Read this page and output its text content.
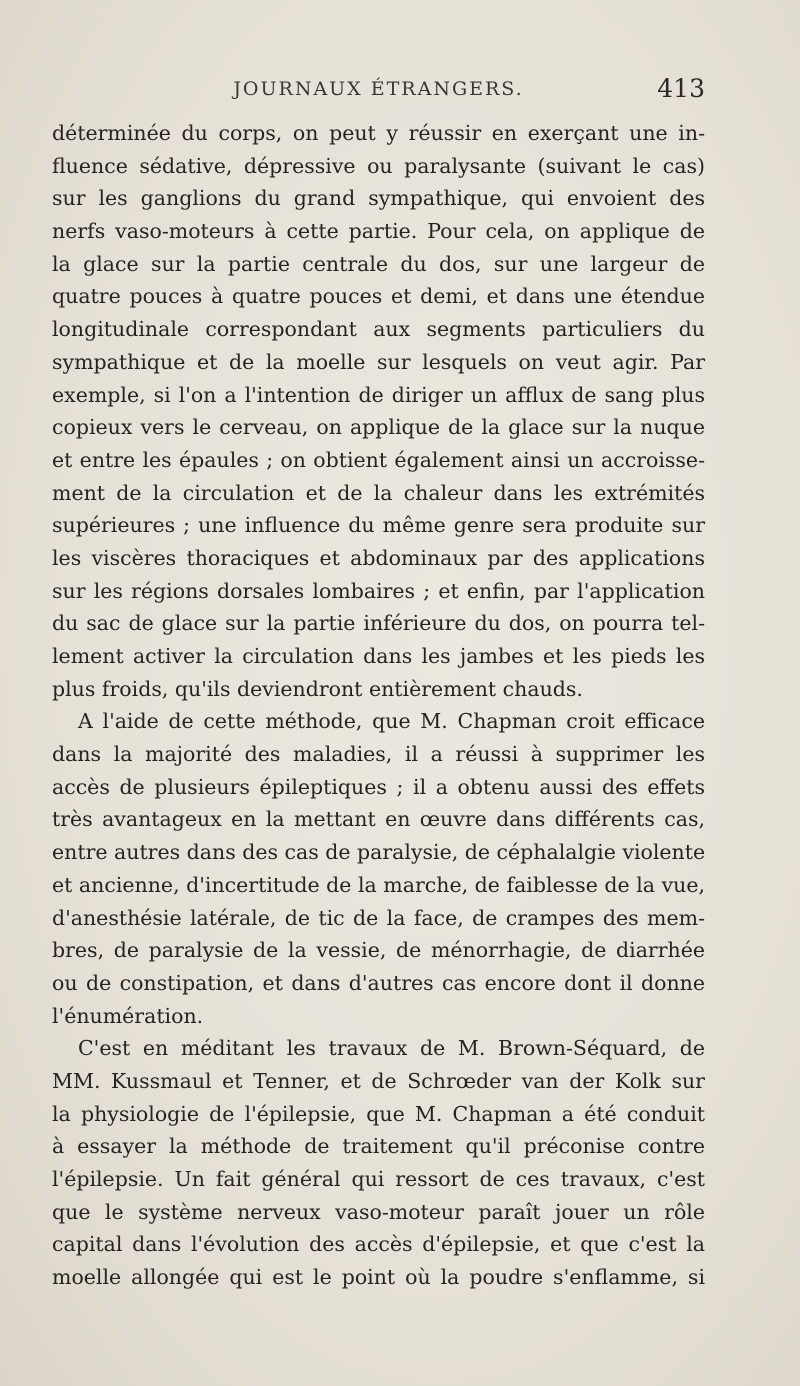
JOURNAUX ÉTRANGERS.	413
déterminée du corps, on peut y réussir en exerçant une in-
fluence sédative, dépressive ou paralysante (suivant le cas)
sur les ganglions du grand sympathique, qui envoient des
nerfs vaso-moteurs à cette partie. Pour cela, on applique de
la glace sur la partie centrale du dos, sur une largeur de
quatre pouces à quatre pouces et demi, et dans une étendue
longitudinale correspondant aux segments particuliers du
sympathique et de la moelle sur lesquels on veut agir. Par
exemple, si l'on a l'intention de diriger un afflux de sang plus
copieux vers le cerveau, on applique de la glace sur la nuque
et entre les épaules ; on obtient également ainsi un accroisse-
ment de la circulation et de la chaleur dans les extrémités
supérieures ; une influence du même genre sera produite sur
les viscères thoraciques et abdominaux par des applications
sur les régions dorsales lombaires ; et enfin, par l'application
du sac de glace sur la partie inférieure du dos, on pourra tel-
lement activer la circulation dans les jambes et les pieds les
plus froids, qu'ils deviendront entièrement chauds.
A l'aide de cette méthode, que M. Chapman croit efficace
dans la majorité des maladies, il a réussi à supprimer les
accès de plusieurs épileptiques ; il a obtenu aussi des effets
très avantageux en la mettant en œuvre dans différents cas,
entre autres dans des cas de paralysie, de céphalalgie violente
et ancienne, d'incertitude de la marche, de faiblesse de la vue,
d'anesthésie latérale, de tic de la face, de crampes des mem-
bres, de paralysie de la vessie, de ménorrhagie, de diarrhée
ou de constipation, et dans d'autres cas encore dont il donne
l'énumération.
C'est en méditant les travaux de M. Brown-Séquard, de
MM. Kussmaul et Tenner, et de Schrœder van der Kolk sur
la physiologie de l'épilepsie, que M. Chapman a été conduit
à essayer la méthode de traitement qu'il préconise contre
l'épilepsie. Un fait général qui ressort de ces travaux, c'est
que le système nerveux vaso-moteur paraît jouer un rôle
capital dans l'évolution des accès d'épilepsie, et que c'est la
moelle allongée qui est le point où la poudre s'enflamme, si
